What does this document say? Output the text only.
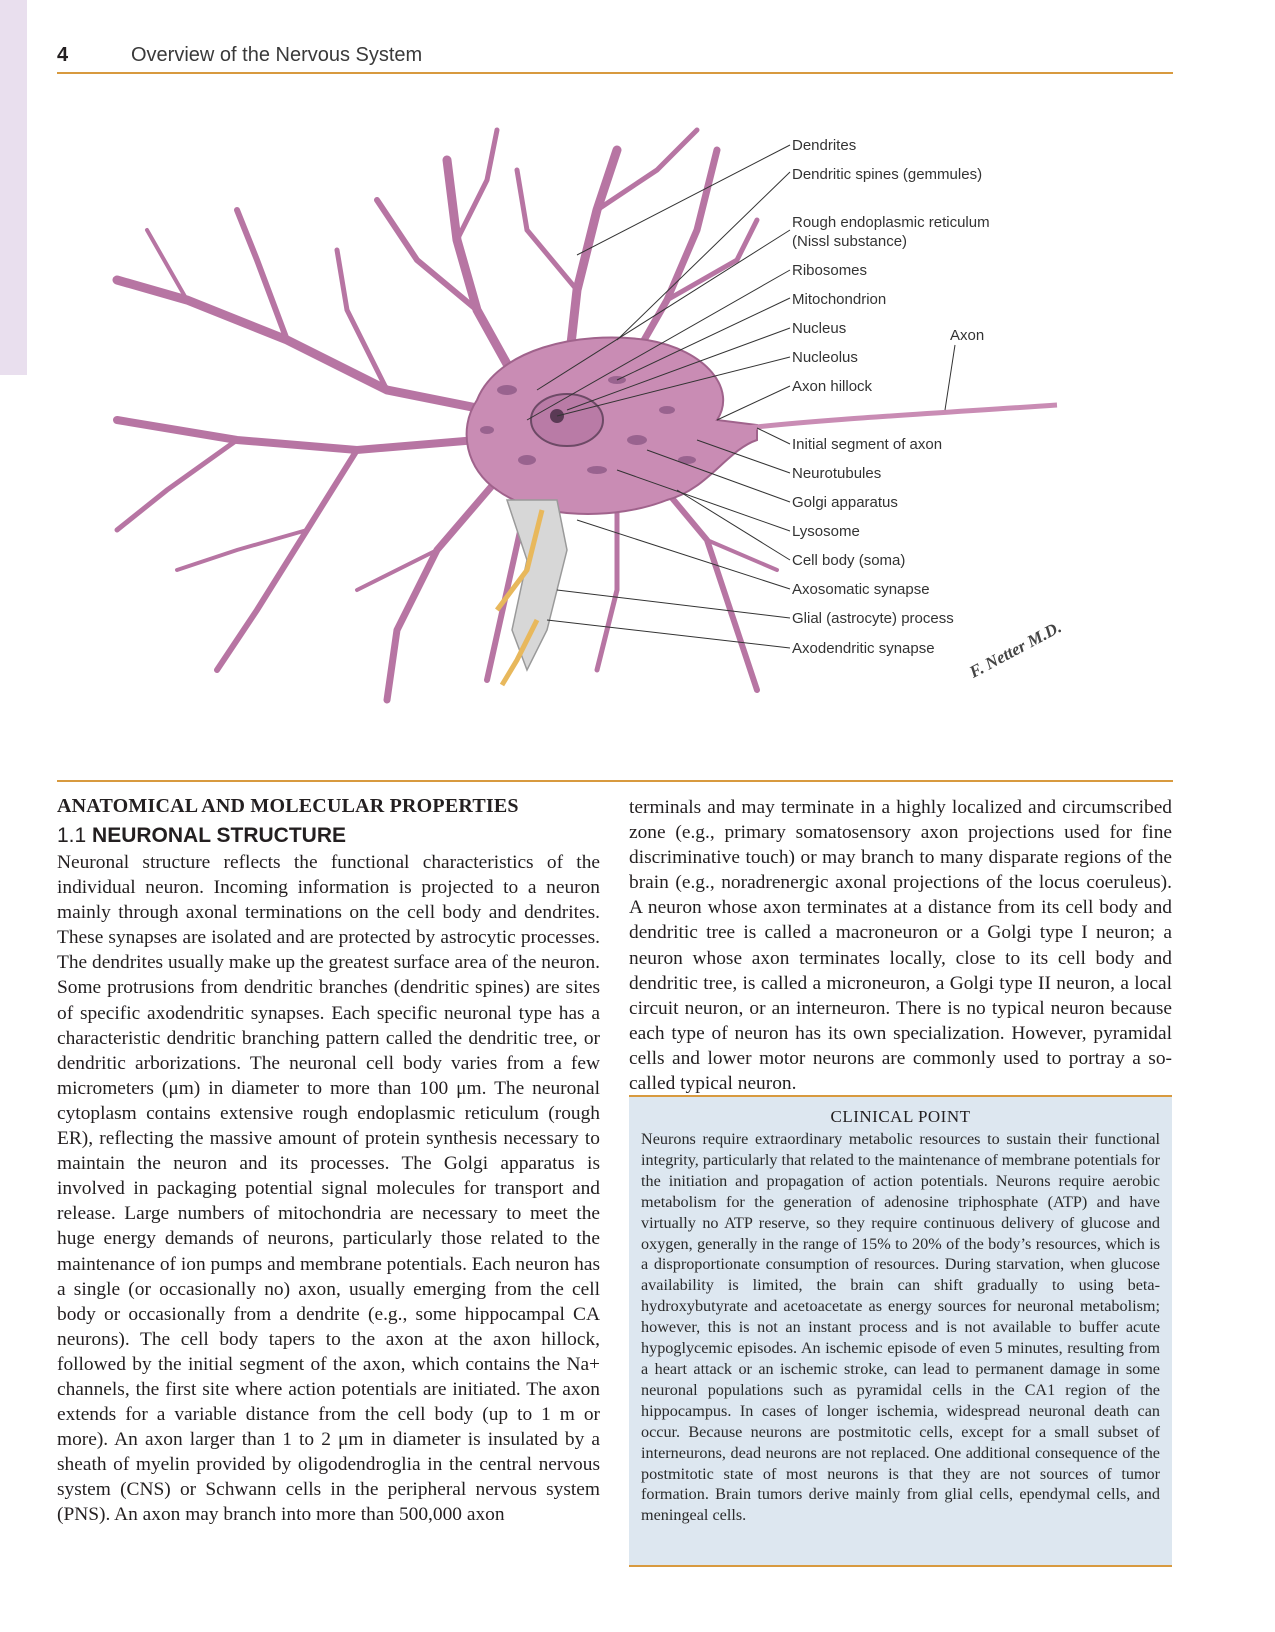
4	Overview of the Nervous System
Dendrites
Dendritic spines (gemmules)
Rough endoplasmic reticulum (Nissl substance)
Ribosomes
Mitochondrion
Nucleus
Nucleolus
Axon hillock
Initial segment of axon
Neurotubules
Golgi apparatus
Lysosome
Cell body (soma)
Axosomatic synapse
Glial (astrocyte) process
Axodendritic synapse
Axon
F. Netter M.D.
ANATOMICAL AND MOLECULAR PROPERTIES
1.1 NEURONAL STRUCTURE

Neuronal structure reflects the functional characteristics of the individual neuron. Incoming information is projected to a neuron mainly through axonal terminations on the cell body and dendrites. These synapses are isolated and are protected by astrocytic processes. The dendrites usually make up the greatest surface area of the neuron. Some protrusions from dendritic branches (dendritic spines) are sites of specific axodendritic synapses. Each specific neuronal type has a characteristic dendritic branching pattern called the dendritic tree, or dendritic arborizations. The neuronal cell body varies from a few micrometers (μm) in diameter to more than 100 μm. The neuronal cytoplasm contains extensive rough endoplasmic reticulum (rough ER), reflecting the massive amount of protein synthesis necessary to maintain the neuron and its processes. The Golgi apparatus is involved in packaging potential signal molecules for transport and release. Large numbers of mitochondria are necessary to meet the huge energy demands of neurons, particularly those related to the maintenance of ion pumps and membrane potentials. Each neuron has a single (or occasionally no) axon, usually emerging from the cell body or occasionally from a dendrite (e.g., some hippocampal CA neurons). The cell body tapers to the axon at the axon hillock, followed by the initial segment of the axon, which contains the Na+ channels, the first site where action potentials are initiated. The axon extends for a variable distance from the cell body (up to 1 m or more). An axon larger than 1 to 2 μm in diameter is insulated by a sheath of myelin provided by oligodendroglia in the central nervous system (CNS) or Schwann cells in the peripheral nervous system (PNS). An axon may branch into more than 500,000 axon

terminals and may terminate in a highly localized and circumscribed zone (e.g., primary somatosensory axon projections used for fine discriminative touch) or may branch to many disparate regions of the brain (e.g., noradrenergic axonal projections of the locus coeruleus). A neuron whose axon terminates at a distance from its cell body and dendritic tree is called a macroneuron or a Golgi type I neuron; a neuron whose axon terminates locally, close to its cell body and dendritic tree, is called a microneuron, a Golgi type II neuron, a local circuit neuron, or an interneuron. There is no typical neuron because each type of neuron has its own specialization. However, pyramidal cells and lower motor neurons are commonly used to portray a so-called typical neuron.

CLINICAL POINT
Neurons require extraordinary metabolic resources to sustain their functional integrity, particularly that related to the maintenance of membrane potentials for the initiation and propagation of action potentials. Neurons require aerobic metabolism for the generation of adenosine triphosphate (ATP) and have virtually no ATP reserve, so they require continuous delivery of glucose and oxygen, generally in the range of 15% to 20% of the body’s resources, which is a disproportionate consumption of resources. During starvation, when glucose availability is limited, the brain can shift gradually to using beta-hydroxybutyrate and acetoacetate as energy sources for neuronal metabolism; however, this is not an instant process and is not available to buffer acute hypoglycemic episodes. An ischemic episode of even 5 minutes, resulting from a heart attack or an ischemic stroke, can lead to permanent damage in some neuronal populations such as pyramidal cells in the CA1 region of the hippocampus. In cases of longer ischemia, widespread neuronal death can occur. Because neurons are postmitotic cells, except for a small subset of interneurons, dead neurons are not replaced. One additional consequence of the postmitotic state of most neurons is that they are not sources of tumor formation. Brain tumors derive mainly from glial cells, ependymal cells, and meningeal cells.
